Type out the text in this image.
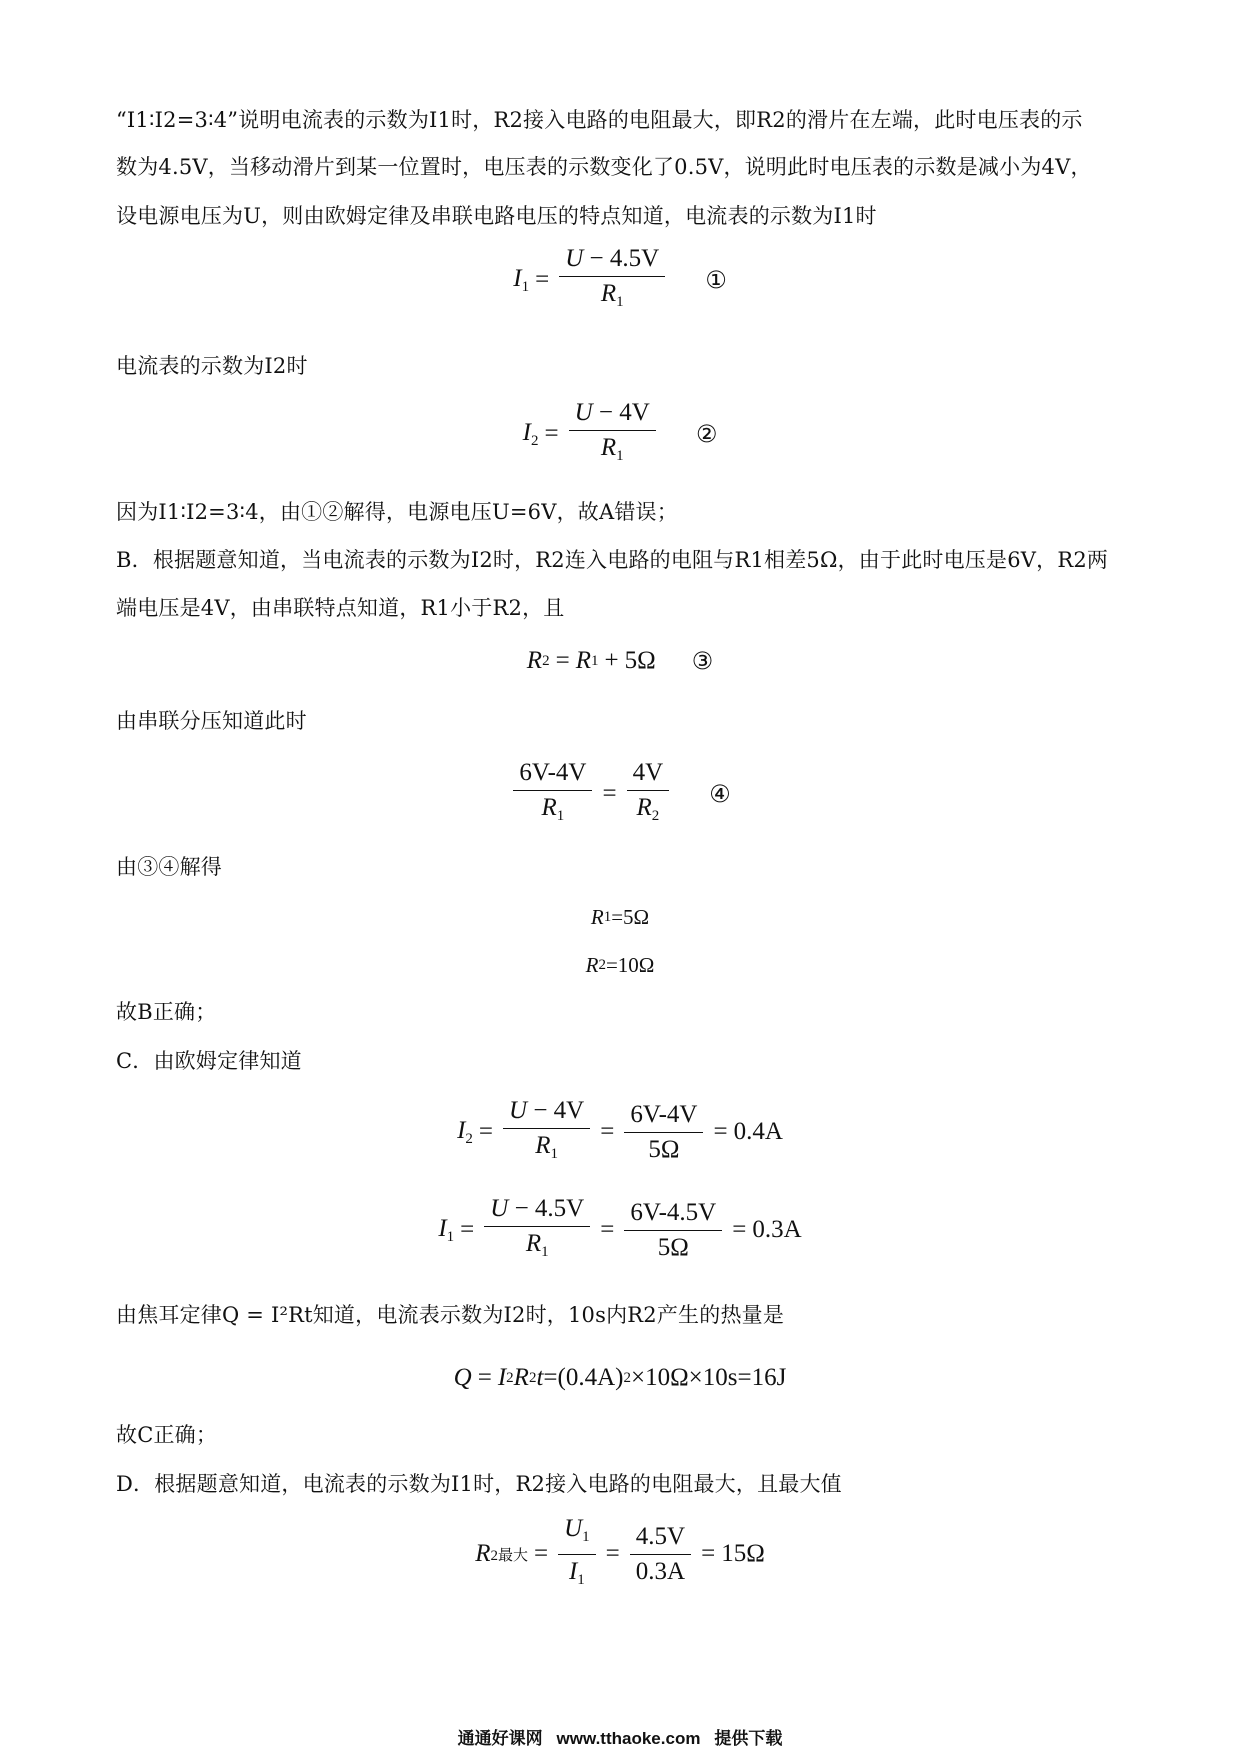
“I1∶I2=3∶4”说明电流表的示数为I1时，R2接入电路的电阻最大，即R2的滑片在左端，此时电压表的示
数为4.5V，当移动滑片到某一位置时，电压表的示数变化了0.5V，说明此时电压表的示数是减小为4V，
设电源电压为U，则由欧姆定律及串联电路电压的特点知道，电流表的示数为I1时
$I_1 = \frac{U - 4.5V}{R_1}$ ①
电流表的示数为I2时
$I_2 = \frac{U - 4V}{R_1}$ ②
因为I1∶I2=3∶4，由①②解得，电源电压U=6V，故A错误；
B．根据题意知道，当电流表的示数为I2时，R2连入电路的电阻与R1相差5Ω，由于此时电压是6V，R2两
端电压是4V，由串联特点知道，R1小于R2，且
R 2 = R 1 + 5Ω ③
由串联分压知道此时
$\frac{6V-4V}{R_1} = \frac{4V}{R_2}$ ④
由③④解得
R 1 =5Ω
R 2 =10Ω
故B正确；
C．由欧姆定律知道
$I_2 = \frac{U - 4V}{R_1} = \frac{6V-4V}{5\Omega} = 0.4A$
$I_1 = \frac{U - 4.5V}{R_1} = \frac{6V-4.5V}{5\Omega} = 0.3A$
由焦耳定律Q = I²Rt知道，电流表示数为I2时，10s内R2产生的热量是
Q = I 2 R 2 t =(0.4A) 2 ×10Ω×10s=16J
故C正确；
D．根据题意知道，电流表的示数为I1时，R2接入电路的电阻最大，且最大值
R 2最大 = $\frac{U_1}{I_1} = \frac{4.5V}{0.3A} = 15\Omega$
通通好课网 www.tthaoke.com 提供下载
